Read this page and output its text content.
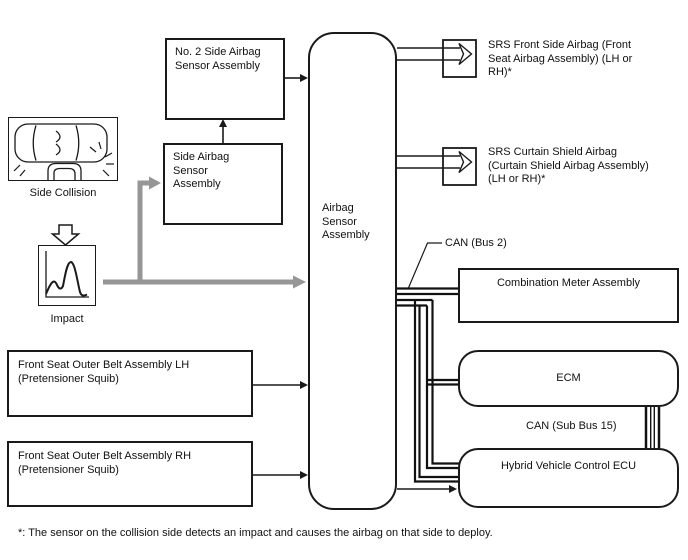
No. 2 Side Airbag Sensor Assembly
Side Airbag Sensor Assembly
Side Collision
Impact
Airbag Sensor Assembly
SRS Front Side Airbag (Front Seat Airbag Assembly) (LH or RH)*
SRS Curtain Shield Airbag (Curtain Shield Airbag Assembly) (LH or RH)*
CAN (Bus 2)
Combination Meter Assembly
ECM
CAN (Sub Bus 15)
Hybrid Vehicle Control ECU
Front Seat Outer Belt Assembly LH (Pretensioner Squib)
Front Seat Outer Belt Assembly RH (Pretensioner Squib)
*: The sensor on the collision side detects an impact and causes the airbag on that side to deploy.
